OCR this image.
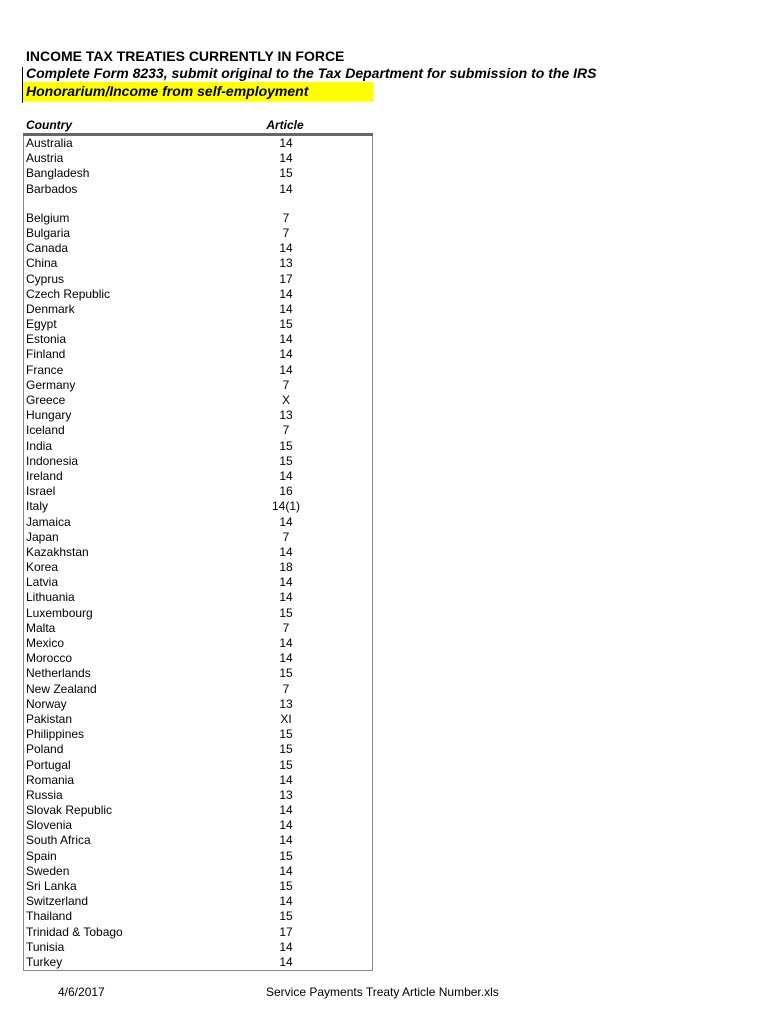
INCOME TAX TREATIES CURRENTLY IN FORCE
Complete Form 8233, submit original to the Tax Department for submission to the IRS
Honorarium/Income from self-employment
Country	Article
Australia	14
Austria	14
Bangladesh	15
Barbados	14
Belgium	7
Bulgaria	7
Canada	14
China	13
Cyprus	17
Czech Republic	14
Denmark	14
Egypt	15
Estonia	14
Finland	14
France	14
Germany	7
Greece	X
Hungary	13
Iceland	7
India	15
Indonesia	15
Ireland	14
Israel	16
Italy	14(1)
Jamaica	14
Japan	7
Kazakhstan	14
Korea	18
Latvia	14
Lithuania	14
Luxembourg	15
Malta	7
Mexico	14
Morocco	14
Netherlands	15
New Zealand	7
Norway	13
Pakistan	XI
Philippines	15
Poland	15
Portugal	15
Romania	14
Russia	13
Slovak Republic	14
Slovenia	14
South Africa	14
Spain	15
Sweden	14
Sri Lanka	15
Switzerland	14
Thailand	15
Trinidad & Tobago	17
Tunisia	14
Turkey	14
4/6/2017	Service Payments Treaty Article Number.xls
